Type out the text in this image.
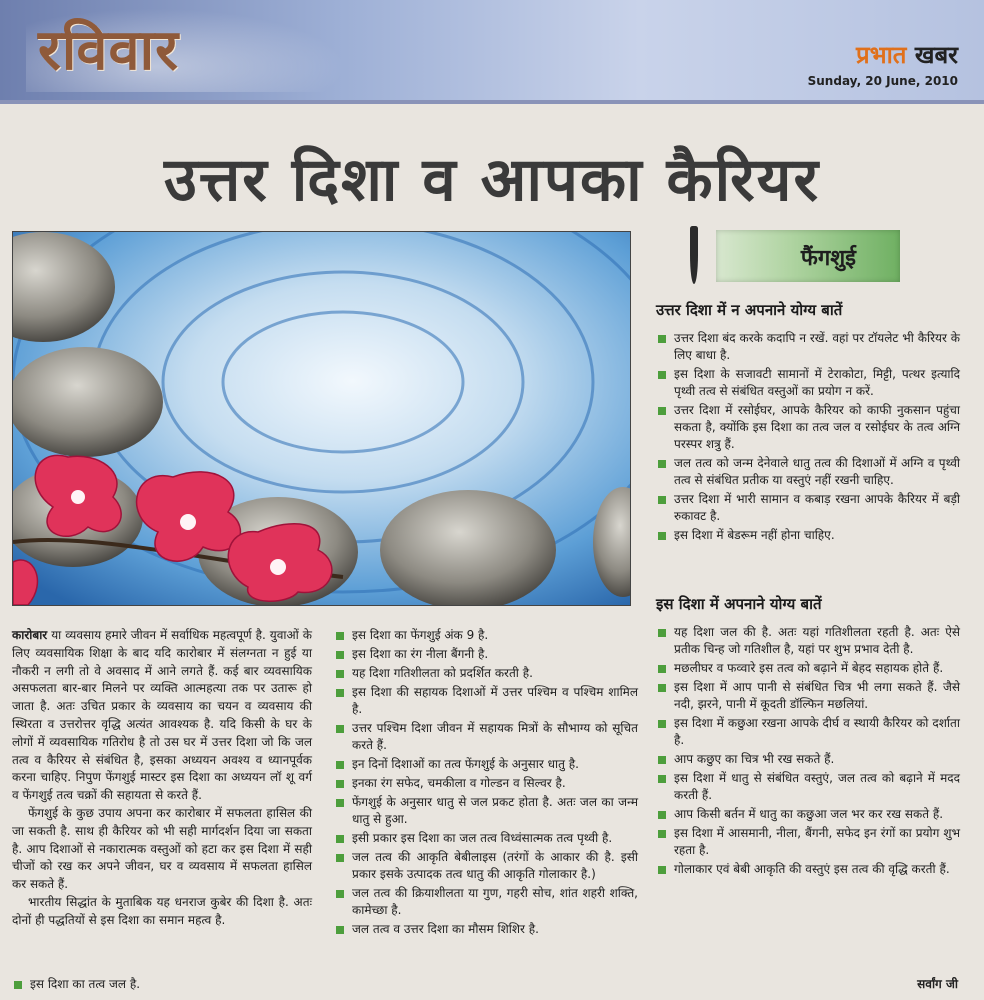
रविवार	प्रभात खबर
Sunday, 20 June, 2010
उत्तर दिशा व आपका कैरियर
फैंगशुई
उत्तर दिशा में न अपनाने योग्य बातें
उत्तर दिशा बंद करके कदापि न रखें. वहां पर टॉयलेट भी कैरियर के लिए बाधा है.
इस दिशा के सजावटी सामानों में टेराकोटा, मिट्टी, पत्थर इत्यादि पृथ्वी तत्व से संबंधित वस्तुओं का प्रयोग न करें.
उत्तर दिशा में रसोईघर, आपके कैरियर को काफी नुकसान पहुंचा सकता है, क्योंकि इस दिशा का तत्व जल व रसोईघर के तत्व अग्नि परस्पर शत्रु हैं.
जल तत्व को जन्म देनेवाले धातु तत्व की दिशाओं में अग्नि व पृथ्वी तत्व से संबंधित प्रतीक या वस्तुएं नहीं रखनी चाहिए.
उत्तर दिशा में भारी सामान व कबाड़ रखना आपके कैरियर में बड़ी रुकावट है.
इस दिशा में बेडरूम नहीं होना चाहिए.
इस दिशा में अपनाने योग्य बातें
यह दिशा जल की है. अतः यहां गतिशीलता रहती है. अतः ऐसे प्रतीक चिन्ह जो गतिशील है, यहां पर शुभ प्रभाव देती है.
मछलीघर व फव्वारे इस तत्व को बढ़ाने में बेहद सहायक होते हैं.
इस दिशा में आप पानी से संबंधित चित्र भी लगा सकते हैं. जैसे नदी, झरने, पानी में कूदती डॉल्फिन मछलियां.
इस दिशा में कछुआ रखना आपके दीर्घ व स्थायी कैरियर को दर्शाता है.
आप कछुए का चित्र भी रख सकते हैं.
इस दिशा में धातु से संबंधित वस्तुएं, जल तत्व को बढ़ाने में मदद करती हैं.
आप किसी बर्तन में धातु का कछुआ जल भर कर रख सकते हैं.
इस दिशा में आसमानी, नीला, बैंगनी, सफेद इन रंगों का प्रयोग शुभ रहता है.
गोलाकार एवं बेबी आकृति की वस्तुएं इस तत्व की वृद्धि करती हैं.

कारोबार या व्यवसाय हमारे जीवन में सर्वाधिक महत्वपूर्ण है. युवाओं के लिए व्यवसायिक शिक्षा के बाद यदि कारोबार में संलग्नता न हुई या नौकरी न लगी तो वे अवसाद में आने लगते हैं. कई बार व्यवसायिक असफलता बार-बार मिलने पर व्यक्ति आत्महत्या तक पर उतारू हो जाता है. अतः उचित प्रकार के व्यवसाय का चयन व व्यवसाय की स्थिरता व उत्तरोत्तर वृद्धि अत्यंत आवश्यक है. यदि किसी के घर के लोगों में व्यवसायिक गतिरोध है तो उस घर में उत्तर दिशा जो कि जल तत्व व कैरियर से संबंधित है, इसका अध्ययन अवश्य व ध्यानपूर्वक करना चाहिए. निपुण फेंगशुई मास्टर इस दिशा का अध्ययन लॉ शू वर्ग व फेंगशुई तत्व चक्रों की सहायता से करते हैं.

फेंगशुई के कुछ उपाय अपना कर कारोबार में सफलता हासिल की जा सकती है. साथ ही कैरियर को भी सही मार्गदर्शन दिया जा सकता है. आप दिशाओं से नकारात्मक वस्तुओं को हटा कर इस दिशा में सही चीजों को रख कर अपने जीवन, घर व व्यवसाय में सफलता हासिल कर सकते हैं.

भारतीय सिद्धांत के मुताबिक यह धनराज कुबेर की दिशा है. अतः दोनों ही पद्धतियों से इस दिशा का समान महत्व है.

इस दिशा का तत्व जल है.
इस दिशा का फेंगशुई अंक 9 है.
इस दिशा का रंग नीला बैंगनी है.
यह दिशा गतिशीलता को प्रदर्शित करती है.
इस दिशा की सहायक दिशाओं में उत्तर पश्चिम व पश्चिम शामिल है.
उत्तर पश्चिम दिशा जीवन में सहायक मित्रों के सौभाग्य को सूचित करते हैं.
इन दिनों दिशाओं का तत्व फेंगशुई के अनुसार धातु है.
इनका रंग सफेद, चमकीला व गोल्डन व सिल्वर है.
फेंगशुई के अनुसार धातु से जल प्रकट होता है. अतः जल का जन्म धातु से हुआ.
इसी प्रकार इस दिशा का जल तत्व विध्वंसात्मक तत्व पृथ्वी है.
जल तत्व की आकृति बेबीलाइस (तरंगों के आकार की है. इसी प्रकार इसके उत्पादक तत्व धातु की आकृति गोलाकार है.)
जल तत्व की क्रियाशीलता या गुण, गहरी सोच, शांत शहरी शक्ति, कामेच्छा है.
जल तत्व व उत्तर दिशा का मौसम शिशिर है.
सर्वांग जी
